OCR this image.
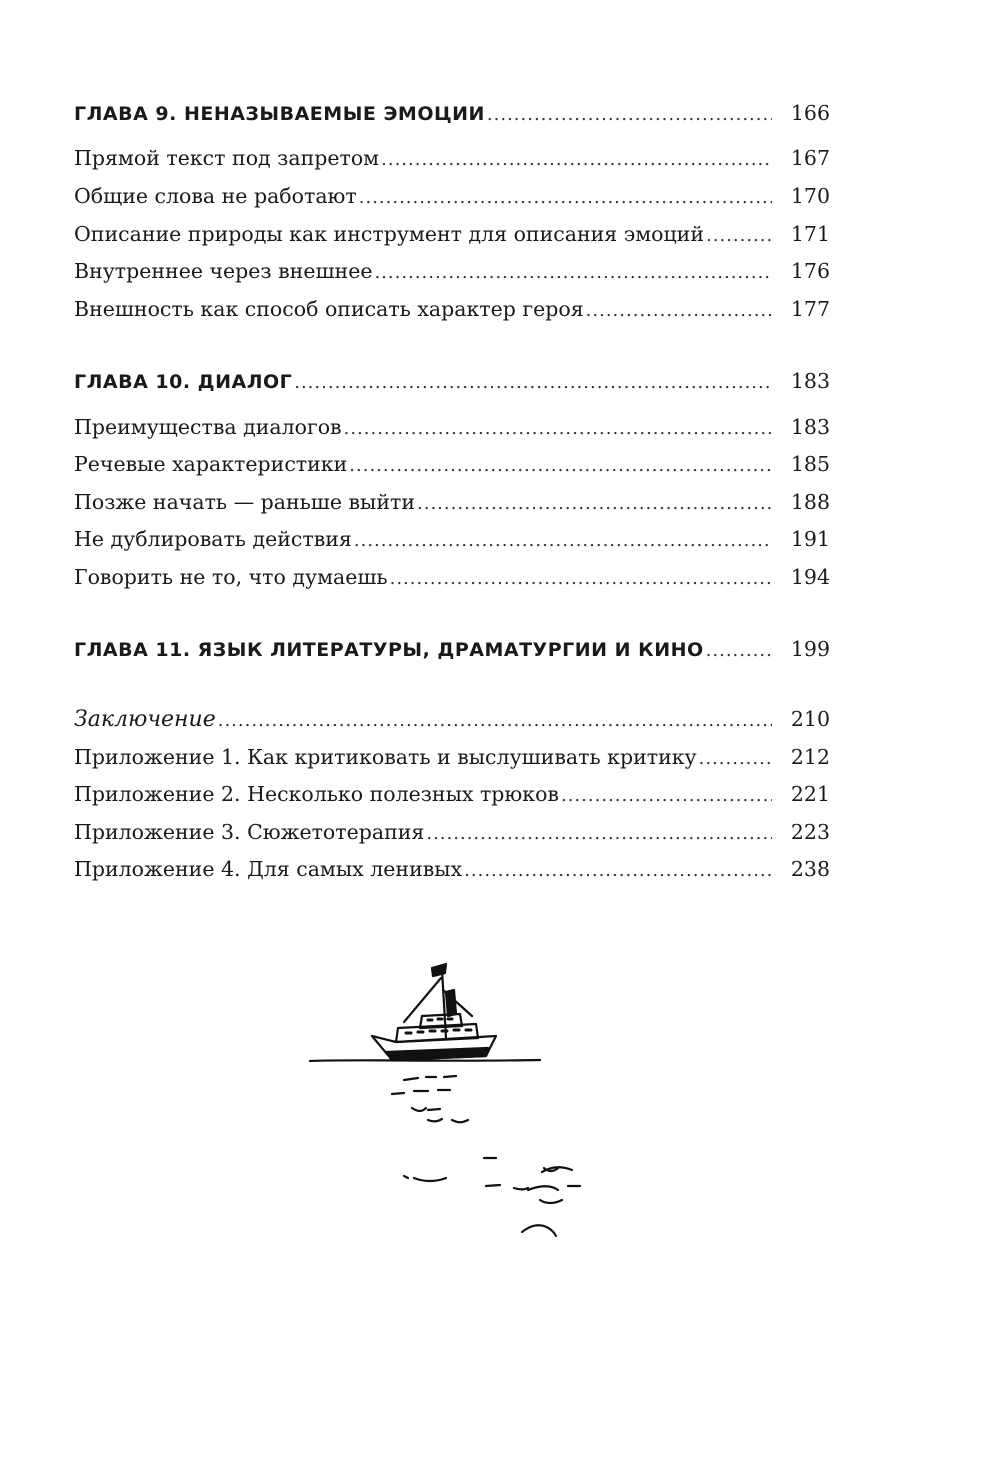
ГЛАВА 9. НЕНАЗЫВАЕМЫЕ ЭМОЦИИ .....	166
Прямой текст под запретом .....	167
Общие слова не работают .....	170
Описание природы как инструмент для описания эмоций .....	171
Внутреннее через внешнее .....	176
Внешность как способ описать характер героя .....	177
ГЛАВА 10. ДИАЛОГ .....	183
Преимущества диалогов .....	183
Речевые характеристики .....	185
Позже начать — раньше выйти .....	188
Не дублировать действия .....	191
Говорить не то, что думаешь .....	194
ГЛАВА 11. ЯЗЫК ЛИТЕРАТУРЫ, ДРАМАТУРГИИ И КИНО .....	199
Заключение .....	210
Приложение 1. Как критиковать и выслушивать критику .....	212
Приложение 2. Несколько полезных трюков .....	221
Приложение 3. Сюжетотерапия .....	223
Приложение 4. Для самых ленивых .....	238
